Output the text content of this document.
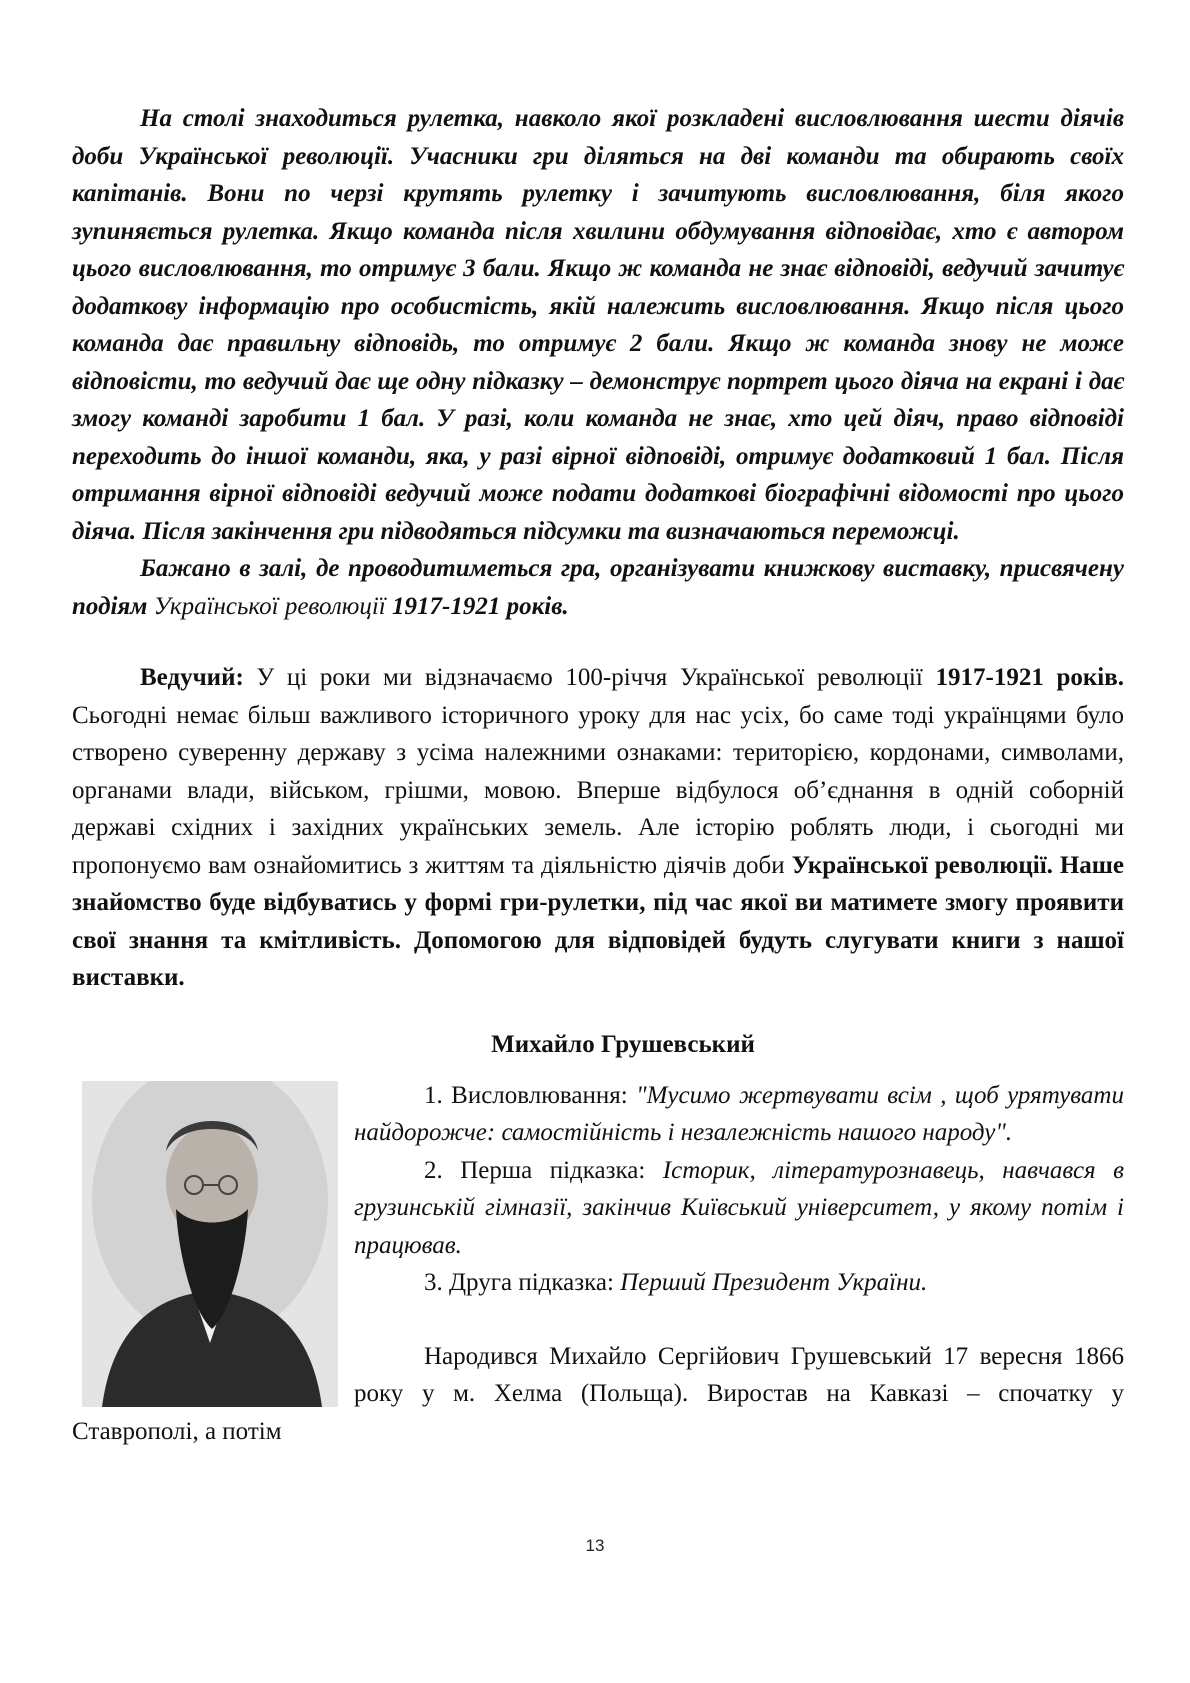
На столі знаходиться рулетка, навколо якої розкладені висловлювання шести діячів доби Української революції. Учасники гри діляться на дві команди та обирають своїх капітанів. Вони по черзі крутять рулетку і зачитують висловлювання, біля якого зупиняється рулетка. Якщо команда після хвилини обдумування відповідає, хто є автором цього висловлювання, то отримує 3 бали. Якщо ж команда не знає відповіді, ведучий зачитує додаткову інформацію про особистість, якій належить висловлювання. Якщо після цього команда дає правильну відповідь, то отримує 2 бали. Якщо ж команда знову не може відповісти, то ведучий дає ще одну підказку – демонструє портрет цього діяча на екрані і дає змогу команді заробити 1 бал. У разі, коли команда не знає, хто цей діяч, право відповіді переходить до іншої команди, яка, у разі вірної відповіді, отримує додатковий 1 бал. Після отримання вірної відповіді ведучий може подати додаткові біографічні відомості про цього діяча. Після закінчення гри підводяться підсумки та визначаються переможці.

Бажано в залі, де проводитиметься гра, організувати книжкову виставку, присвячену подіям Української революції 1917-1921 років.

Ведучий: У ці роки ми відзначаємо 100-річчя Української революції 1917-1921 років. Сьогодні немає більш важливого історичного уроку для нас усіх, бо саме тоді українцями було створено суверенну державу з усіма належними ознаками: територією, кордонами, символами, органами влади, військом, грішми, мовою. Вперше відбулося об’єднання в одній соборній державі східних і західних українських земель. Але історію роблять люди, і сьогодні ми пропонуємо вам ознайомитись з життям та діяльністю діячів доби Української революції. Наше знайомство буде відбуватись у формі гри-рулетки, під час якої ви матимете змогу проявити свої знання та кмітливість. Допомогою для відповідей будуть слугувати книги з нашої виставки.

Михайло Грушевський

1. Висловлювання: "Мусимо жертвувати всім , щоб урятувати найдорожче: самостійність і незалежність нашого народу".

2. Перша підказка: Історик, літературознавець, навчався в грузинській гімназії, закінчив Київський університет, у якому потім і працював.

3. Друга підказка: Перший Президент України.

Народився Михайло Сергійович Грушевський 17 вересня 1866 року у м. Хелма (Польща). Виростав на Кавказі – спочатку у Ставрополі, а потім

13
